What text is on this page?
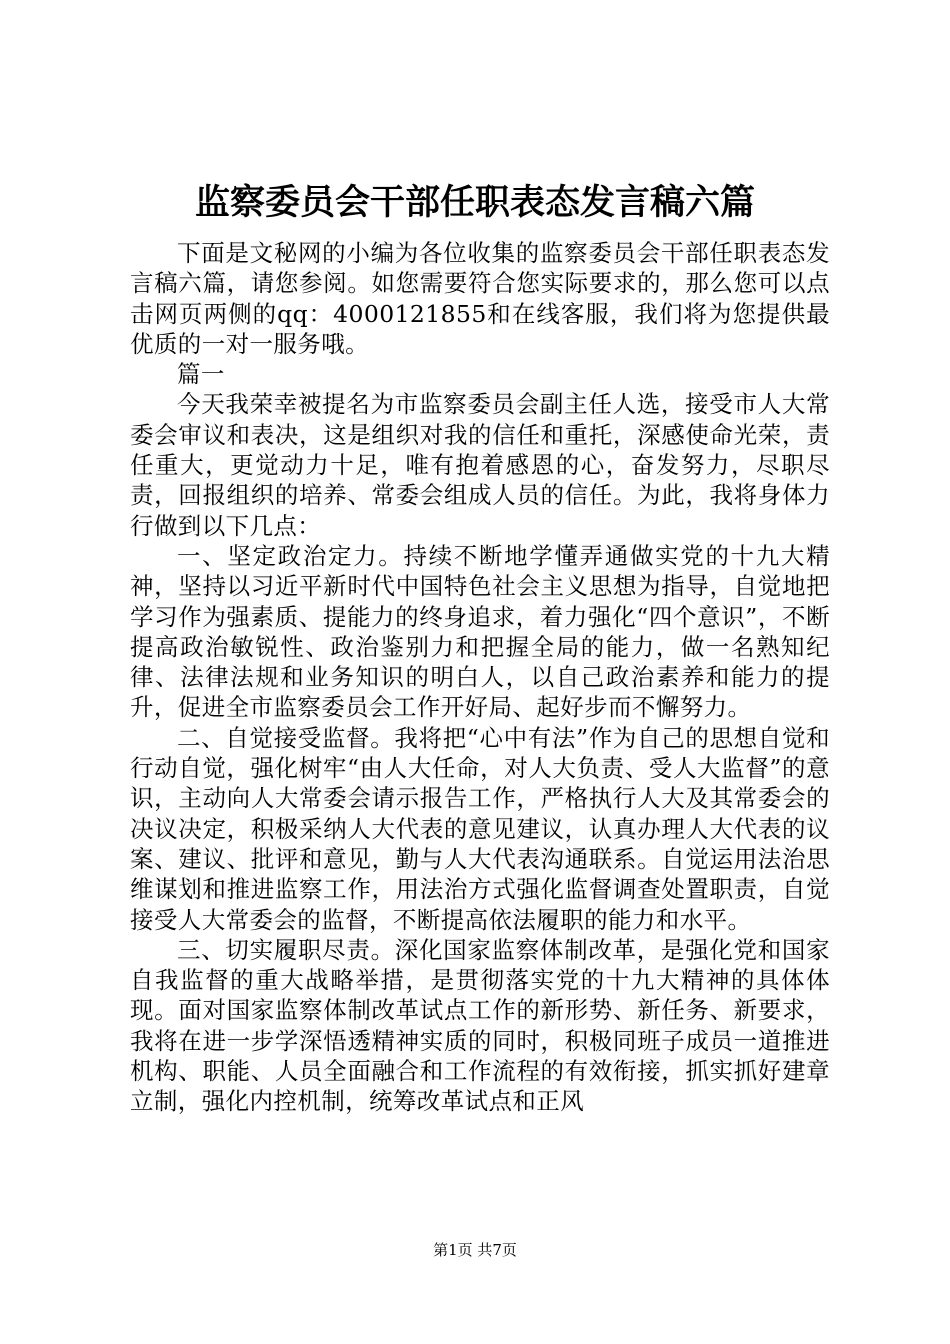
监察委员会干部任职表态发言稿六篇

下面是文秘网的小编为各位收集的监察委员会干部任职表态发言稿六篇，请您参阅。如您需要符合您实际要求的，那么您可以点击网页两侧的qq：4000121855和在线客服，我们将为您提供最优质的一对一服务哦。

篇一

今天我荣幸被提名为市监察委员会副主任人选，接受市人大常委会审议和表决，这是组织对我的信任和重托，深感使命光荣，责任重大，更觉动力十足，唯有抱着感恩的心，奋发努力，尽职尽责，回报组织的培养、常委会组成人员的信任。为此，我将身体力行做到以下几点：

一、坚定政治定力。持续不断地学懂弄通做实党的十九大精神，坚持以习近平新时代中国特色社会主义思想为指导，自觉地把学习作为强素质、提能力的终身追求，着力强化“四个意识”，不断提高政治敏锐性、政治鉴别力和把握全局的能力，做一名熟知纪律、法律法规和业务知识的明白人，以自己政治素养和能力的提升，促进全市监察委员会工作开好局、起好步而不懈努力。

二、自觉接受监督。我将把“心中有法”作为自己的思想自觉和行动自觉，强化树牢“由人大任命，对人大负责、受人大监督”的意识，主动向人大常委会请示报告工作，严格执行人大及其常委会的决议决定，积极采纳人大代表的意见建议，认真办理人大代表的议案、建议、批评和意见，勤与人大代表沟通联系。自觉运用法治思维谋划和推进监察工作，用法治方式强化监督调查处置职责，自觉接受人大常委会的监督，不断提高依法履职的能力和水平。

三、切实履职尽责。深化国家监察体制改革，是强化党和国家自我监督的重大战略举措，是贯彻落实党的十九大精神的具体体现。面对国家监察体制改革试点工作的新形势、新任务、新要求，我将在进一步学深悟透精神实质的同时，积极同班子成员一道推进机构、职能、人员全面融合和工作流程的有效衔接，抓实抓好建章立制，强化内控机制，统筹改革试点和正风

第1页 共7页
